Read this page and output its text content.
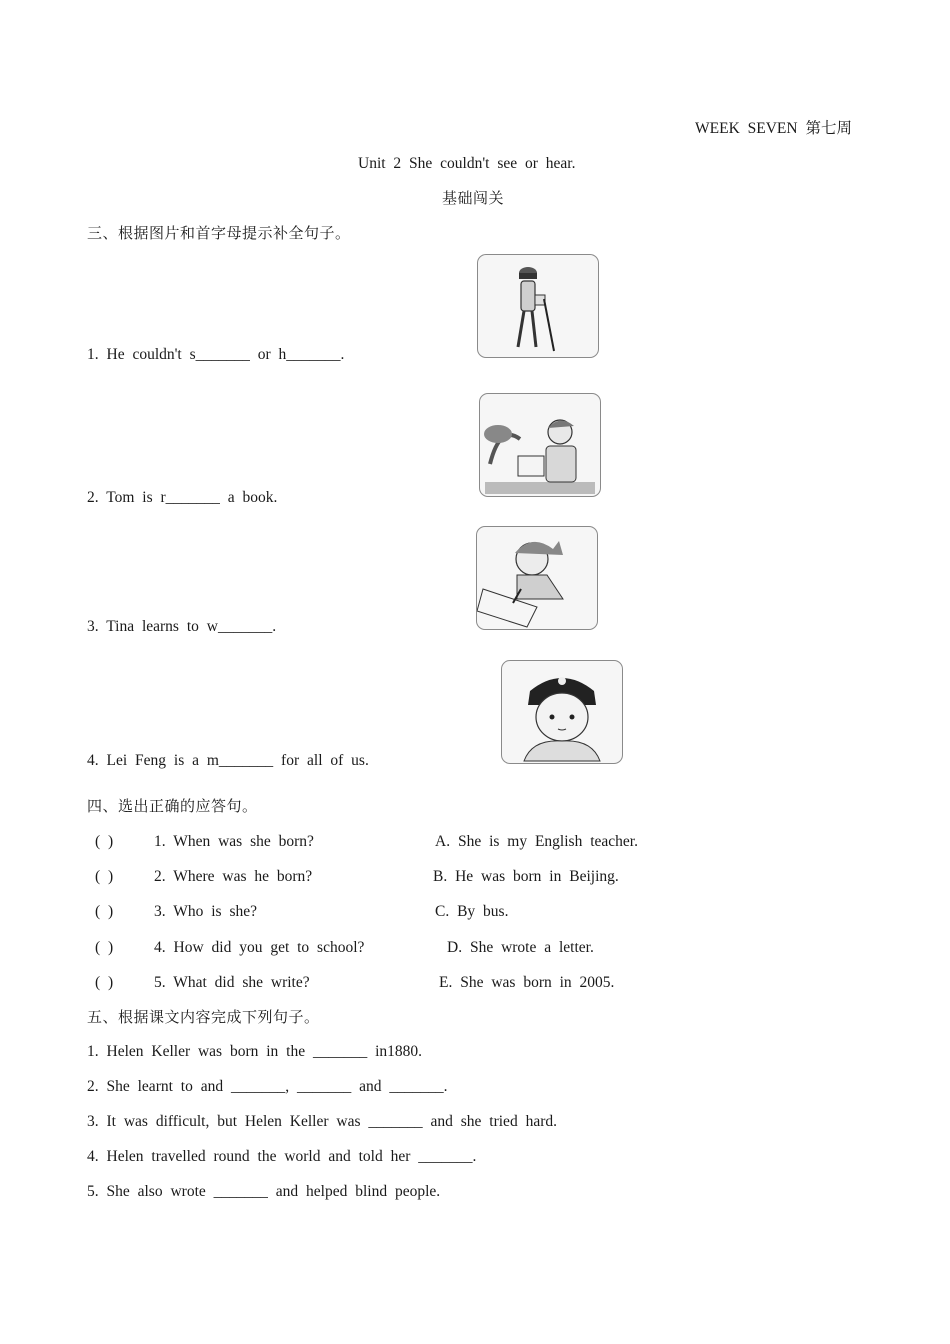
WEEK SEVEN 第七周
Unit 2 She couldn't see or hear.
基础闯关
三、根据图片和首字母提示补全句子。
1. He couldn't s_______ or h_______.
2. Tom is r_______ a book.
3. Tina learns to w_______.
4. Lei Feng is a m_______ for all of us.
四、选出正确的应答句。
( )	1. When was she born?	A. She is my English teacher.
( )	2. Where was he born?	B. He was born in Beijing.
( )	3. Who is she?	C. By bus.
( )	4. How did you get to school?	D. She wrote a letter.
( )	5. What did she write?	E. She was born in 2005.
五、根据课文内容完成下列句子。
1. Helen Keller was born in the _______ in1880.
2. She learnt to and _______, _______ and _______.
3. It was difficult, but Helen Keller was _______ and she tried hard.
4. Helen travelled round the world and told her _______.
5. She also wrote _______ and helped blind people.
